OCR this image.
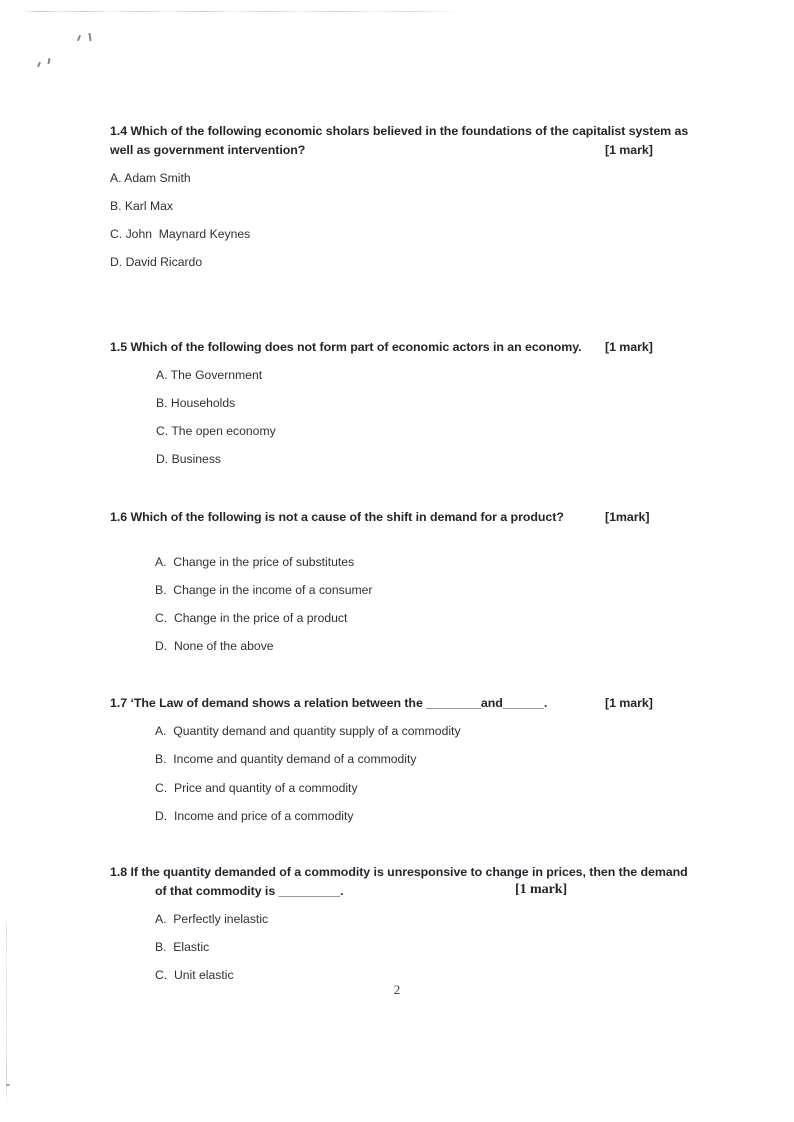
1.4 Which of the following economic sholars believed in the foundations of the capitalist system as
well as government intervention?	[1 mark]
A. Adam Smith
B. Karl Max
C. John  Maynard Keynes
D. David Ricardo
1.5 Which of the following does not form part of economic actors in an economy. [1 mark]
A. The Government
B. Households
C. The open economy
D. Business
1.6 Which of the following is not a cause of the shift in demand for a product?	[1mark]
A.  Change in the price of substitutes
B.  Change in the income of a consumer
C.  Change in the price of a product
D.  None of the above
1.7 ‘The Law of demand shows a relation between the ________and______.	[1 mark]
A.  Quantity demand and quantity supply of a commodity
B.  Income and quantity demand of a commodity
C.  Price and quantity of a commodity
D.  Income and price of a commodity
1.8 If the quantity demanded of a commodity is unresponsive to change in prices, then the demand
of that commodity is _________.	[1 mark]
A.  Perfectly inelastic
B.  Elastic
C.  Unit elastic
2
